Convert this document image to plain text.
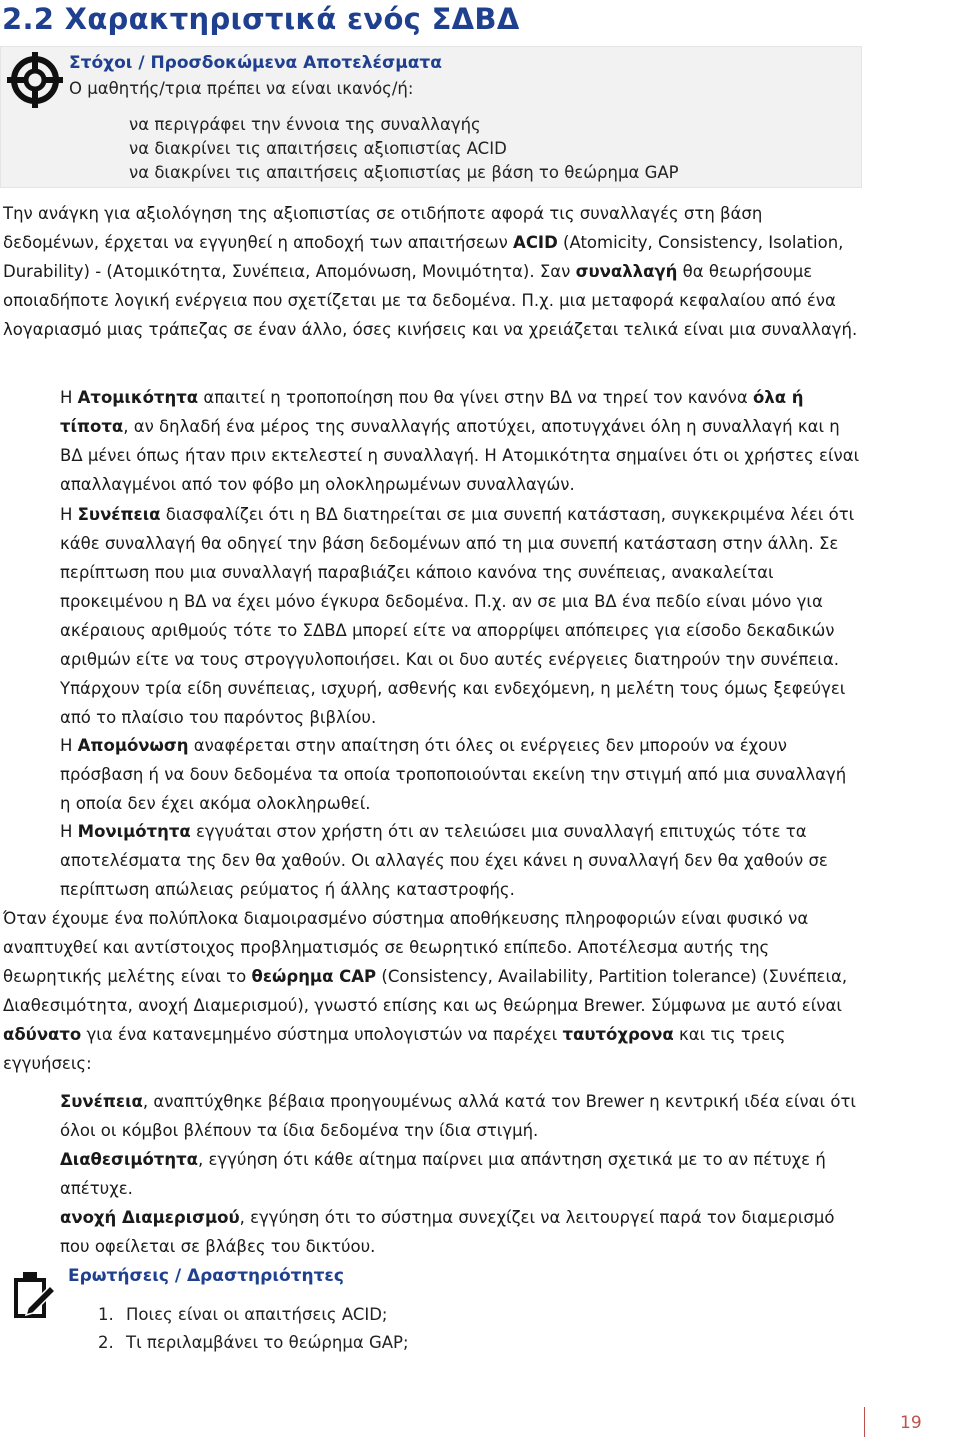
2.2 Χαρακτηριστικά ενός ΣΔΒΔ
Στόχοι / Προσδοκώμενα Αποτελέσματα
Ο μαθητής/τρια πρέπει να είναι ικανός/ή:
να περιγράφει την έννοια της συναλλαγής
να διακρίνει τις απαιτήσεις αξιοπιστίας ACID
να διακρίνει τις απαιτήσεις αξιοπιστίας με βάση το θεώρημα GAP

Την ανάγκη για αξιολόγηση της αξιοπιστίας σε οτιδήποτε αφορά τις συναλλαγές στη βάση δεδομένων, έρχεται να εγγυηθεί η αποδοχή των απαιτήσεων ACID (Atomicity, Consistency, Isolation, Durability) - (Ατομικότητα, Συνέπεια, Απομόνωση, Μονιμότητα). Σαν συναλλαγή θα θεωρήσουμε οποιαδήποτε λογική ενέργεια που σχετίζεται με τα δεδομένα. Π.χ. μια μεταφορά κεφαλαίου από ένα λογαριασμό μιας τράπεζας σε έναν άλλο, όσες κινήσεις και να χρειάζεται τελικά είναι μια συναλλαγή.

Η Ατομικότητα απαιτεί η τροποποίηση που θα γίνει στην ΒΔ να τηρεί τον κανόνα όλα ή τίποτα, αν δηλαδή ένα μέρος της συναλλαγής αποτύχει, αποτυγχάνει όλη η συναλλαγή και η ΒΔ μένει όπως ήταν πριν εκτελεστεί η συναλλαγή. Η Ατομικότητα σημαίνει ότι οι χρήστες είναι απαλλαγμένοι από τον φόβο μη ολοκληρωμένων συναλλαγών.

Η Συνέπεια διασφαλίζει ότι η ΒΔ διατηρείται σε μια συνεπή κατάσταση, συγκεκριμένα λέει ότι κάθε συναλλαγή θα οδηγεί την βάση δεδομένων από τη μια συνεπή κατάσταση στην άλλη. Σε περίπτωση που μια συναλλαγή παραβιάζει κάποιο κανόνα της συνέπειας, ανακαλείται προκειμένου η ΒΔ να έχει μόνο έγκυρα δεδομένα. Π.χ. αν σε μια ΒΔ ένα πεδίο είναι μόνο για ακέραιους αριθμούς τότε το ΣΔΒΔ μπορεί είτε να απορρίψει απόπειρες για είσοδο δεκαδικών αριθμών είτε να τους στρογγυλοποιήσει. Και οι δυο αυτές ενέργειες διατηρούν την συνέπεια. Υπάρχουν τρία είδη συνέπειας, ισχυρή, ασθενής και ενδεχόμενη, η μελέτη τους όμως ξεφεύγει από το πλαίσιο του παρόντος βιβλίου.

Η Απομόνωση αναφέρεται στην απαίτηση ότι όλες οι ενέργειες δεν μπορούν να έχουν πρόσβαση ή να δουν δεδομένα τα οποία τροποποιούνται εκείνη την στιγμή από μια συναλλαγή η οποία δεν έχει ακόμα ολοκληρωθεί.

Η Μονιμότητα εγγυάται στον χρήστη ότι αν τελειώσει μια συναλλαγή επιτυχώς τότε τα αποτελέσματα της δεν θα χαθούν. Οι αλλαγές που έχει κάνει η συναλλαγή δεν θα χαθούν σε περίπτωση απώλειας ρεύματος ή άλλης καταστροφής.

Όταν έχουμε ένα πολύπλοκα διαμοιρασμένο σύστημα αποθήκευσης πληροφοριών είναι φυσικό να αναπτυχθεί και αντίστοιχος προβληματισμός σε θεωρητικό επίπεδο. Αποτέλεσμα αυτής της θεωρητικής μελέτης είναι το θεώρημα CAP (Consistency, Availability, Partition tolerance) (Συνέπεια, Διαθεσιμότητα, ανοχή Διαμερισμού), γνωστό επίσης και ως θεώρημα Brewer. Σύμφωνα με αυτό είναι αδύνατο για ένα κατανεμημένο σύστημα υπολογιστών να παρέχει ταυτόχρονα και τις τρεις εγγυήσεις:

Συνέπεια, αναπτύχθηκε βέβαια προηγουμένως αλλά κατά τον Brewer η κεντρική ιδέα είναι ότι όλοι οι κόμβοι βλέπουν τα ίδια δεδομένα την ίδια στιγμή.

Διαθεσιμότητα, εγγύηση ότι κάθε αίτημα παίρνει μια απάντηση σχετικά με το αν πέτυχε ή απέτυχε.

ανοχή Διαμερισμού, εγγύηση ότι το σύστημα συνεχίζει να λειτουργεί παρά τον διαμερισμό που οφείλεται σε βλάβες του δικτύου.

Ερωτήσεις / Δραστηριότητες
1. Ποιες είναι οι απαιτήσεις ACID;
2. Τι περιλαμβάνει το θεώρημα GAP;
19
